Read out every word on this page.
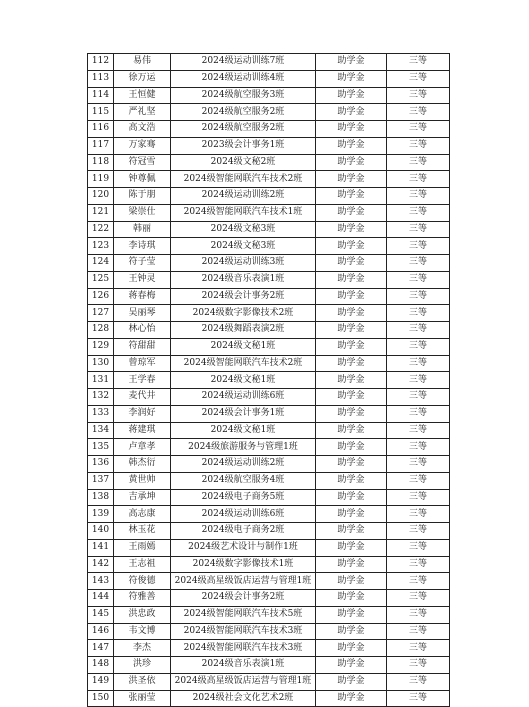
112	易伟	2024级运动训练7班	助学金	三等
113	徐万运	2024级运动训练4班	助学金	三等
114	王恒健	2024级航空服务3班	助学金	三等
115	严礼坚	2024级航空服务2班	助学金	三等
116	高文浩	2024级航空服务2班	助学金	三等
117	万家骞	2023级会计事务1班	助学金	三等
118	符冠雪	2024级文秘2班	助学金	三等
119	钟尊佩	2024级智能网联汽车技术2班	助学金	三等
120	陈于朋	2024级运动训练2班	助学金	三等
121	梁崇仕	2024级智能网联汽车技术1班	助学金	三等
122	韩丽	2024级文秘3班	助学金	三等
123	李诗琪	2024级文秘3班	助学金	三等
124	符子莹	2024级运动训练3班	助学金	三等
125	王钟灵	2024级音乐表演1班	助学金	三等
126	蒋春梅	2024级会计事务2班	助学金	三等
127	吴丽琴	2024级数字影像技术2班	助学金	三等
128	林心怡	2024级舞蹈表演2班	助学金	三等
129	符甜甜	2024级文秘1班	助学金	三等
130	曾琼军	2024级智能网联汽车技术2班	助学金	三等
131	王学春	2024级文秘1班	助学金	三等
132	麦代井	2024级运动训练6班	助学金	三等
133	李润好	2024级会计事务1班	助学金	三等
134	蒋建琪	2024级文秘1班	助学金	三等
135	卢章孝	2024级旅游服务与管理1班	助学金	三等
136	韩杰衍	2024级运动训练2班	助学金	三等
137	黄世帅	2024级航空服务4班	助学金	三等
138	吉承坤	2024级电子商务5班	助学金	三等
139	高志康	2024级运动训练6班	助学金	三等
140	林玉花	2024级电子商务2班	助学金	三等
141	王雨嫣	2024级艺术设计与制作1班	助学金	三等
142	王志祖	2024级数字影像技术1班	助学金	三等
143	符俊德	2024级高星级饭店运营与管理1班	助学金	三等
144	符雅善	2024级会计事务2班	助学金	三等
145	洪忠政	2024级智能网联汽车技术5班	助学金	三等
146	韦文博	2024级智能网联汽车技术3班	助学金	三等
147	李杰	2024级智能网联汽车技术3班	助学金	三等
148	洪珍	2024级音乐表演1班	助学金	三等
149	洪圣依	2024级高星级饭店运营与管理1班	助学金	三等
150	张丽莹	2024级社会文化艺术2班	助学金	三等
